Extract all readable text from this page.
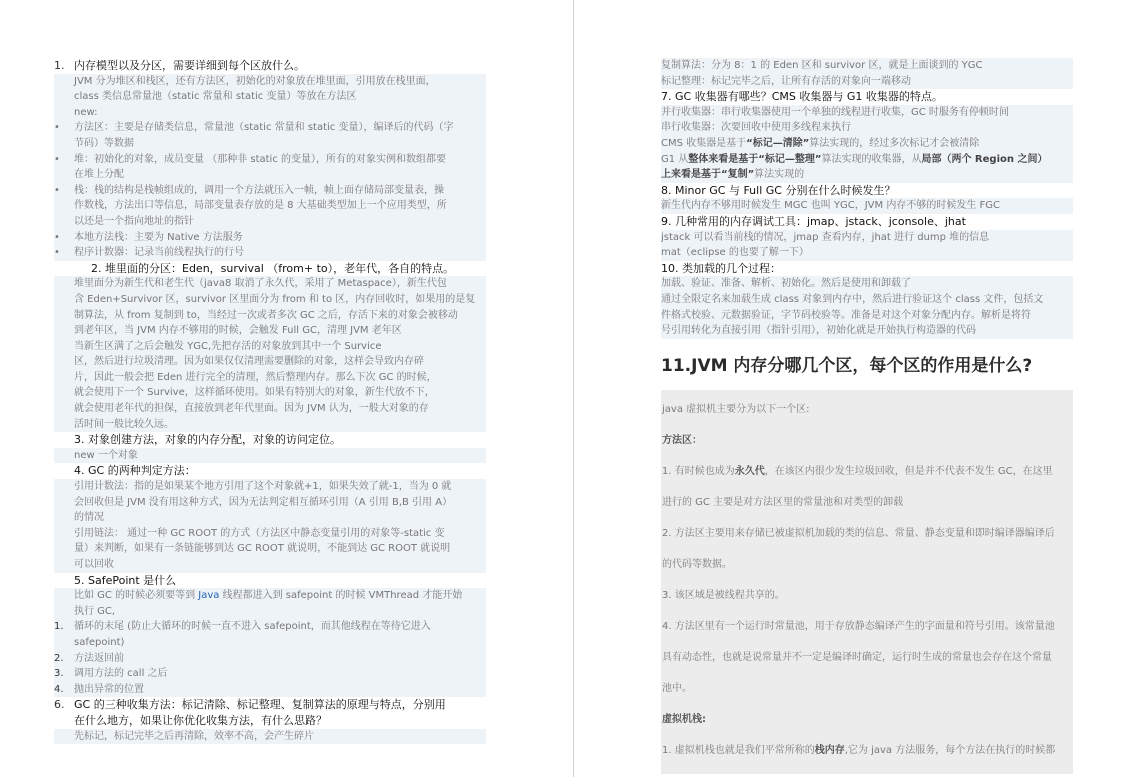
1. 内存模型以及分区，需要详细到每个区放什么。
JVM 分为堆区和栈区，还有方法区，初始化的对象放在堆里面，引用放在栈里面，
class 类信息常量池（static 常量和 static 变量）等放在方法区
new:
• 方法区：主要是存储类信息，常量池（static 常量和 static 变量），编译后的代码（字
节码）等数据
• 堆：初始化的对象，成员变量 （那种非 static 的变量），所有的对象实例和数组都要
在堆上分配
• 栈：栈的结构是栈帧组成的，调用一个方法就压入一帧，帧上面存储局部变量表，操
作数栈，方法出口等信息，局部变量表存放的是 8 大基础类型加上一个应用类型，所
以还是一个指向地址的指针
• 本地方法栈：主要为 Native 方法服务
• 程序计数器：记录当前线程执行的行号
2. 堆里面的分区：Eden，survival （from+ to），老年代，各自的特点。
堆里面分为新生代和老生代（java8 取消了永久代，采用了 Metaspace），新生代包
含 Eden+Survivor 区，survivor 区里面分为 from 和 to 区，内存回收时，如果用的是复
制算法，从 from 复制到 to，当经过一次或者多次 GC 之后，存活下来的对象会被移动
到老年区，当 JVM 内存不够用的时候，会触发 Full GC，清理 JVM 老年区
当新生区满了之后会触发 YGC,先把存活的对象放到其中一个 Survice
区，然后进行垃圾清理。因为如果仅仅清理需要删除的对象，这样会导致内存碎
片，因此一般会把 Eden 进行完全的清理，然后整理内存。那么下次 GC 的时候，
就会使用下一个 Survive，这样循环使用。如果有特别大的对象，新生代放不下，
就会使用老年代的担保，直接放到老年代里面。因为 JVM 认为，一般大对象的存
活时间一般比较久远。
3. 对象创建方法，对象的内存分配，对象的访问定位。
new 一个对象
4. GC 的两种判定方法：
引用计数法：指的是如果某个地方引用了这个对象就+1，如果失效了就-1，当为 0 就
会回收但是 JVM 没有用这种方式，因为无法判定相互循环引用（A 引用 B,B 引用 A）
的情况
引用链法： 通过一种 GC ROOT 的方式（方法区中静态变量引用的对象等-static 变
量）来判断，如果有一条链能够到达 GC ROOT 就说明，不能到达 GC ROOT 就说明
可以回收
5. SafePoint 是什么
比如 GC 的时候必须要等到 Java 线程都进入到 safepoint 的时候 VMThread 才能开始
执行 GC,
1. 循环的末尾 (防止大循环的时候一直不进入 safepoint，而其他线程在等待它进入
safepoint)
2. 方法返回前
3. 调用方法的 call 之后
4. 抛出异常的位置
6. GC 的三种收集方法：标记清除、标记整理、复制算法的原理与特点，分别用
在什么地方，如果让你优化收集方法，有什么思路？
先标记，标记完毕之后再清除，效率不高，会产生碎片
复制算法：分为 8：1 的 Eden 区和 survivor 区，就是上面谈到的 YGC
标记整理：标记完毕之后，让所有存活的对象向一端移动
7. GC 收集器有哪些？CMS 收集器与 G1 收集器的特点。
并行收集器：串行收集器使用一个单独的线程进行收集，GC 时服务有停顿时间
串行收集器：次要回收中使用多线程来执行
CMS 收集器是基于“标记—清除”算法实现的，经过多次标记才会被清除
G1 从整体来看是基于“标记—整理”算法实现的收集器，从局部（两个 Region 之间）
上来看是基于“复制”算法实现的
8. Minor GC 与 Full GC 分别在什么时候发生？
新生代内存不够用时候发生 MGC 也叫 YGC，JVM 内存不够的时候发生 FGC
9. 几种常用的内存调试工具：jmap、jstack、jconsole、jhat
jstack 可以看当前栈的情况，jmap 查看内存，jhat 进行 dump 堆的信息
mat（eclipse 的也要了解一下）
10. 类加载的几个过程：
加载、验证、准备、解析、初始化。然后是使用和卸载了
通过全限定名来加载生成 class 对象到内存中，然后进行验证这个 class 文件，包括文
件格式校验、元数据验证，字节码校验等。准备是对这个对象分配内存。解析是将符
号引用转化为直接引用（指针引用），初始化就是开始执行构造器的代码
11.JVM 内存分哪几个区，每个区的作用是什么?
java 虚拟机主要分为以下一个区:
方法区：
1. 有时候也成为永久代，在该区内很少发生垃圾回收，但是并不代表不发生 GC，在这里
进行的 GC 主要是对方法区里的常量池和对类型的卸载
2. 方法区主要用来存储已被虚拟机加载的类的信息、常量、静态变量和即时编译器编译后
的代码等数据。
3. 该区域是被线程共享的。
4. 方法区里有一个运行时常量池，用于存放静态编译产生的字面量和符号引用。该常量池
具有动态性，也就是说常量并不一定是编译时确定，运行时生成的常量也会存在这个常量
池中。
虚拟机栈:
1. 虚拟机栈也就是我们平常所称的栈内存,它为 java 方法服务，每个方法在执行的时候都
